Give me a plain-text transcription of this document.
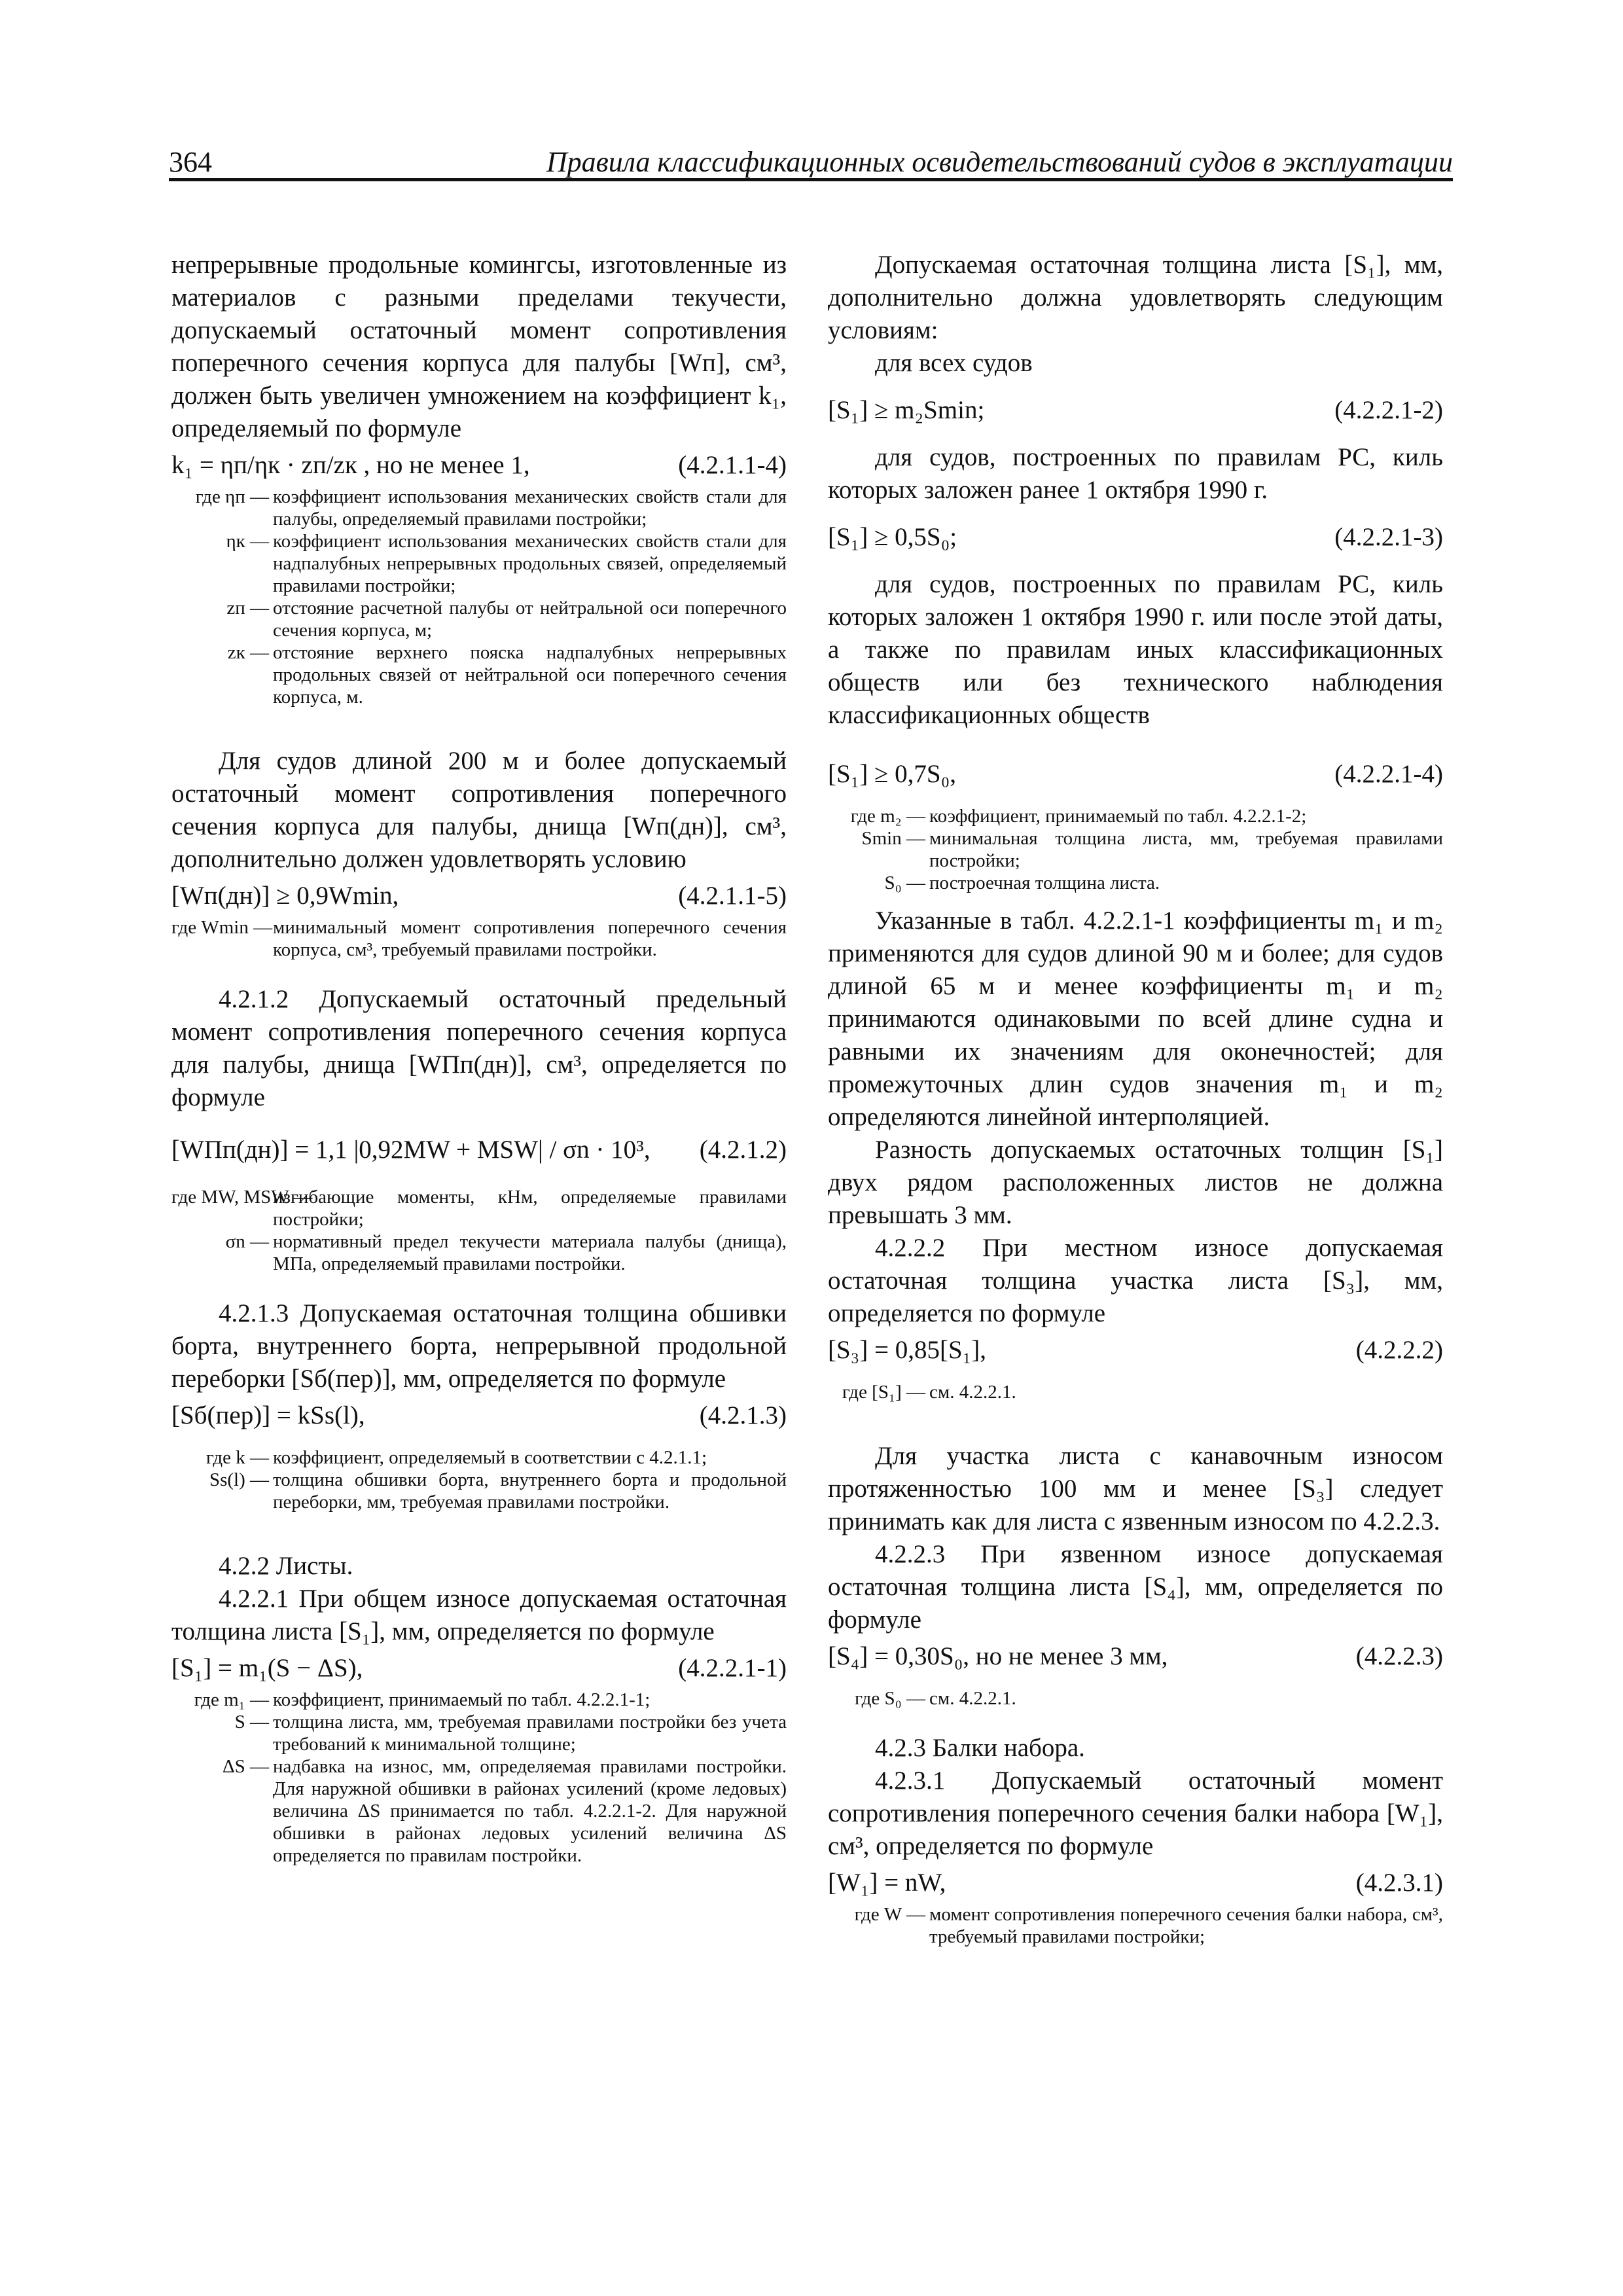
364	Правила классификационных освидетельствований судов в эксплуатации

непрерывные продольные комингсы, изготовленные из материалов с разными пределами текучести, допускаемый остаточный момент сопротивления поперечного сечения корпуса для палубы [Wп], см³, должен быть увеличен умножением на коэффициент k₁, определяемый по формуле

k₁ = ηп/ηк · zп/zк , но не менее 1,	(4.2.1.1-4)
где ηп — коэффициент использования механических свойств стали для палубы, определяемый правилами постройки;
ηк — коэффициент использования механических свойств стали для надпалубных непрерывных продольных связей, определяемый правилами постройки;
zп — отстояние расчетной палубы от нейтральной оси поперечного сечения корпуса, м;
zк — отстояние верхнего пояска надпалубных непрерывных продольных связей от нейтральной оси поперечного сечения корпуса, м.

Для судов длиной 200 м и более допускаемый остаточный момент сопротивления поперечного сечения корпуса для палубы, днища [Wп(дн)], см³, дополнительно должен удовлетворять условию

[Wп(дн)] ≥ 0,9Wmin,	(4.2.1.1-5)
где Wmin — минимальный момент сопротивления поперечного сечения корпуса, см³, требуемый правилами постройки.

4.2.1.2 Допускаемый остаточный предельный момент сопротивления поперечного сечения корпуса для палубы, днища [WПп(дн)], см³, определяется по формуле

[WПп(дн)] = 1,1 |0,92MW + MSW| / σn · 10³, (4.2.1.2)
где MW, MSW —
изгибающие моменты, кНм, определяемые правилами постройки;
σn — нормативный предел текучести материала палубы (днища), МПа, определяемый правилами постройки.

4.2.1.3 Допускаемая остаточная толщина обшивки борта, внутреннего борта, непрерывной продольной переборки [Sб(пер)], мм, определяется по формуле

[Sб(пер)] = kSs(l),	(4.2.1.3)
где k — коэффициент, определяемый в соответствии с 4.2.1.1;
Ss(l) — толщина обшивки борта, внутреннего борта и продольной переборки, мм, требуемая правилами постройки.

4.2.2 Листы.

4.2.2.1 При общем износе допускаемая остаточная толщина листа [S₁], мм, определяется по формуле

[S₁] = m₁(S − ΔS),	(4.2.2.1-1)
где m₁ — коэффициент, принимаемый по табл. 4.2.2.1-1;
S — толщина листа, мм, требуемая правилами постройки без учета требований к минимальной толщине;
ΔS — надбавка на износ, мм, определяемая правилами постройки. Для наружной обшивки в районах усилений (кроме ледовых) величина ΔS принимается по табл. 4.2.2.1-2. Для наружной обшивки в районах ледовых усилений величина ΔS определяется по правилам постройки.

Допускаемая остаточная толщина листа [S₁], мм, дополнительно должна удовлетворять следующим условиям:

для всех судов

[S₁] ≥ m₂Smin;	(4.2.2.1-2)

для судов, построенных по правилам РС, киль которых заложен ранее 1 октября 1990 г.

[S₁] ≥ 0,5S₀;	(4.2.2.1-3)

для судов, построенных по правилам РС, киль которых заложен 1 октября 1990 г. или после этой даты, а также по правилам иных классификационных обществ или без технического наблюдения классификационных обществ

[S₁] ≥ 0,7S₀,	(4.2.2.1-4)
где m₂ — коэффициент, принимаемый по табл. 4.2.2.1-2;
Smin — минимальная толщина листа, мм, требуемая правилами постройки;
S₀ — построечная толщина листа.

Указанные в табл. 4.2.2.1-1 коэффициенты m₁ и m₂ применяются для судов длиной 90 м и более; для судов длиной 65 м и менее коэффициенты m₁ и m₂ принимаются одинаковыми по всей длине судна и равными их значениям для оконечностей; для промежуточных длин судов значения m₁ и m₂ определяются линейной интерполяцией.

Разность допускаемых остаточных толщин [S₁] двух рядом расположенных листов не должна превышать 3 мм.

4.2.2.2 При местном износе допускаемая остаточная толщина участка листа [S₃], мм, определяется по формуле

[S₃] = 0,85[S₁],	(4.2.2.2)
где [S₁] — см. 4.2.2.1.

Для участка листа с канавочным износом протяженностью 100 мм и менее [S₃] следует принимать как для листа с язвенным износом по 4.2.2.3.

4.2.2.3 При язвенном износе допускаемая остаточная толщина листа [S₄], мм, определяется по формуле

[S₄] = 0,30S₀, но не менее 3 мм,	(4.2.2.3)
где S₀ — см. 4.2.2.1.

4.2.3 Балки набора.

4.2.3.1 Допускаемый остаточный момент сопротивления поперечного сечения балки набора [W₁], см³, определяется по формуле

[W₁] = nW,	(4.2.3.1)
где W — момент сопротивления поперечного сечения балки набора, см³, требуемый правилами постройки;
